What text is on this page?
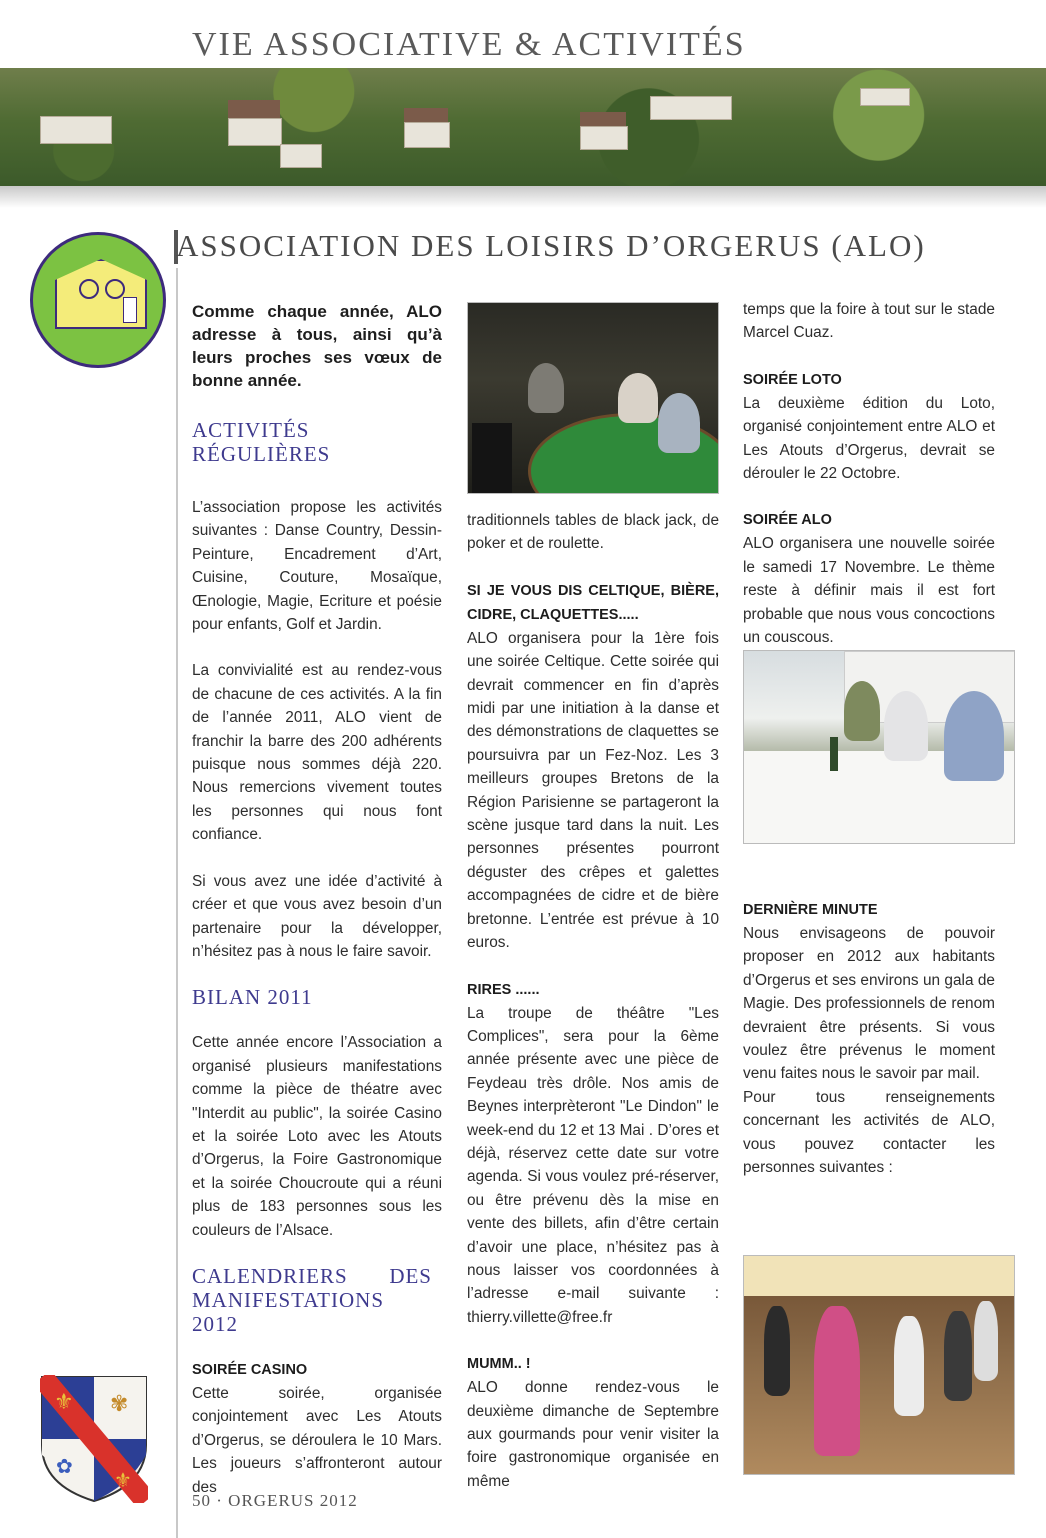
VIE ASSOCIATIVE & ACTIVITÉS
ASSOCIATION DES LOISIRS D’ORGERUS (ALO)

Comme chaque année, ALO adresse à tous, ainsi qu’à leurs proches ses vœux de bonne année.

ACTIVITÉS RÉGULIÈRES

L’association propose les activités suivantes : Danse Country, Dessin-Peinture, Encadrement d’Art, Cuisine, Couture, Mosaïque, Œnologie, Magie, Ecriture et poésie pour enfants, Golf et Jardin.

La convivialité est au rendez-vous de chacune de ces activités. A la fin de l’année 2011, ALO vient de franchir la barre des 200 adhérents puisque nous sommes déjà 220. Nous remercions vivement toutes les personnes qui nous font confiance.

Si vous avez une idée d’activité à créer et que vous avez besoin d’un partenaire pour la développer, n’hésitez pas à nous le faire savoir.

BILAN 2011

Cette année encore l’Association a organisé plusieurs manifestations comme la pièce de théatre avec "Interdit au public", la soirée Casino et la soirée Loto avec les Atouts d’Orgerus, la Foire Gastronomique et la soirée Choucroute qui a réuni plus de 183 personnes sous les couleurs de l’Alsace.

CALENDRIERS DES MANIFESTATIONS 2012

SOIRÉE CASINO

Cette soirée, organisée conjointement avec Les Atouts d’Orgerus, se déroulera le 10 Mars. Les joueurs s’affronteront autour des

traditionnels tables de black jack, de poker et de roulette.

SI JE VOUS DIS CELTIQUE, BIÈRE, CIDRE, CLAQUETTES.....

ALO organisera pour la 1ère fois une soirée Celtique. Cette soirée qui devrait commencer en fin d’après midi par une initiation à la danse et des démonstrations de claquettes se poursuivra par un Fez-Noz. Les 3 meilleurs groupes Bretons de la Région Parisienne se partageront la scène jusque tard dans la nuit. Les personnes présentes pourront déguster des crêpes et galettes accompagnées de cidre et de bière bretonne. L’entrée est prévue à 10 euros.

RIRES ......

La troupe de théâtre "Les Complices", sera pour la 6ème année présente avec une pièce de Feydeau très drôle. Nos amis de Beynes interprèteront "Le Dindon" le week-end du 12 et 13 Mai . D’ores et déjà, réservez cette date sur votre agenda. Si vous voulez pré-réserver, ou être prévenu dès la mise en vente des billets, afin d’être certain d’avoir une place, n’hésitez pas à nous laisser vos coordonnées à l’adresse e-mail suivante : thierry.villette@free.fr

MUMM.. !

ALO donne rendez-vous le deuxième dimanche de Septembre aux gourmands pour venir visiter la foire gastronomique organisée en même

temps que la foire à tout sur le stade Marcel Cuaz.

SOIRÉE LOTO

La deuxième édition du Loto, organisé conjointement entre ALO et Les Atouts d’Orgerus, devrait se dérouler le 22 Octobre.

SOIRÉE ALO

ALO organisera une nouvelle soirée le samedi 17 Novembre. Le thème reste à définir mais il est fort probable que nous vous concoctions un couscous.

DERNIÈRE MINUTE

Nous envisageons de pouvoir proposer en 2012 aux habitants d’Orgerus et ses environs un gala de Magie. Des professionnels de renom devraient être présents. Si vous voulez être prévenus le moment venu faites nous le savoir par mail.

Pour tous renseignements concernant les activités de ALO, vous pouvez contacter les personnes suivantes :

⚜
⚜
✾
✿
50 · ORGERUS 2012
